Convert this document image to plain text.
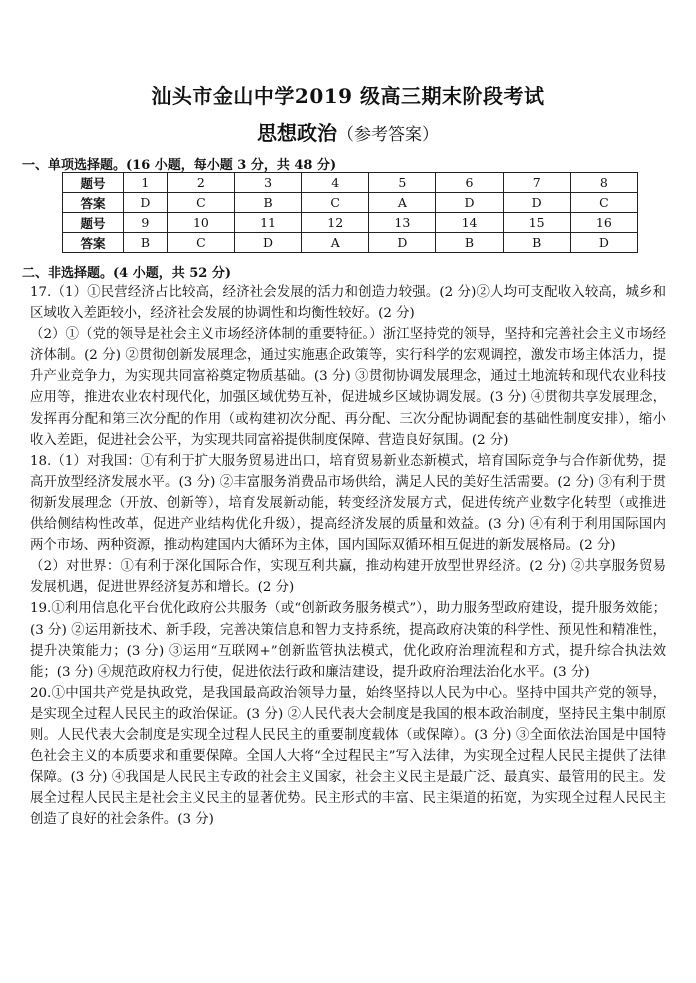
汕头市金山中学2019 级高三期末阶段考试
思想政治（参考答案）
一、单项选择题。(16 小题，每小题 3 分，共 48 分)
题号	1	2	3	4	5	6	7	8
答案	D	C	B	C	A	D	D	C
题号	9	10	11	12	13	14	15	16
答案	B	C	D	A	D	B	B	D
二、非选择题。(4 小题，共 52 分)

17.（1）①民营经济占比较高，经济社会发展的活力和创造力较强。(2 分)②人均可支配收入较高，城乡和区域收入差距较小，经济社会发展的协调性和均衡性较好。(2 分)

（2）①（党的领导是社会主义市场经济体制的重要特征。）浙江坚持党的领导，坚持和完善社会主义市场经济体制。(2 分) ②贯彻创新发展理念，通过实施惠企政策等，实行科学的宏观调控，激发市场主体活力，提升产业竞争力，为实现共同富裕奠定物质基础。(3 分) ③贯彻协调发展理念，通过土地流转和现代农业科技应用等，推进农业农村现代化，加强区域优势互补，促进城乡区域协调发展。(3 分) ④贯彻共享发展理念，发挥再分配和第三次分配的作用（或构建初次分配、再分配、三次分配协调配套的基础性制度安排），缩小收入差距，促进社会公平，为实现共同富裕提供制度保障、营造良好氛围。(2 分)

18.（1）对我国：①有利于扩大服务贸易进出口，培育贸易新业态新模式，培育国际竞争与合作新优势，提高开放型经济发展水平。(3 分) ②丰富服务消费品市场供给，满足人民的美好生活需要。(2 分) ③有利于贯彻新发展理念（开放、创新等），培育发展新动能，转变经济发展方式，促进传统产业数字化转型（或推进供给侧结构性改革，促进产业结构优化升级），提高经济发展的质量和效益。(3 分) ④有利于利用国际国内两个市场、两种资源，推动构建国内大循环为主体，国内国际双循环相互促进的新发展格局。(2 分)

（2）对世界：①有利于深化国际合作，实现互利共赢，推动构建开放型世界经济。(2 分) ②共享服务贸易发展机遇，促进世界经济复苏和增长。(2 分)

19.①利用信息化平台优化政府公共服务（或“创新政务服务模式”），助力服务型政府建设，提升服务效能；(3 分) ②运用新技术、新手段，完善决策信息和智力支持系统，提高政府决策的科学性、预见性和精准性，提升决策能力；(3 分) ③运用“互联网+”创新监管执法模式，优化政府治理流程和方式，提升综合执法效能；(3 分) ④规范政府权力行使，促进依法行政和廉洁建设，提升政府治理法治化水平。(3 分)

20.①中国共产党是执政党，是我国最高政治领导力量，始终坚持以人民为中心。坚持中国共产党的领导，是实现全过程人民民主的政治保证。(3 分) ②人民代表大会制度是我国的根本政治制度，坚持民主集中制原则。人民代表大会制度是实现全过程人民民主的重要制度载体（或保障）。(3 分) ③全面依法治国是中国特色社会主义的本质要求和重要保障。全国人大将“全过程民主”写入法律，为实现全过程人民民主提供了法律保障。(3 分) ④我国是人民民主专政的社会主义国家，社会主义民主是最广泛、最真实、最管用的民主。发展全过程人民民主是社会主义民主的显著优势。民主形式的丰富、民主渠道的拓宽，为实现全过程人民民主创造了良好的社会条件。(3 分)
